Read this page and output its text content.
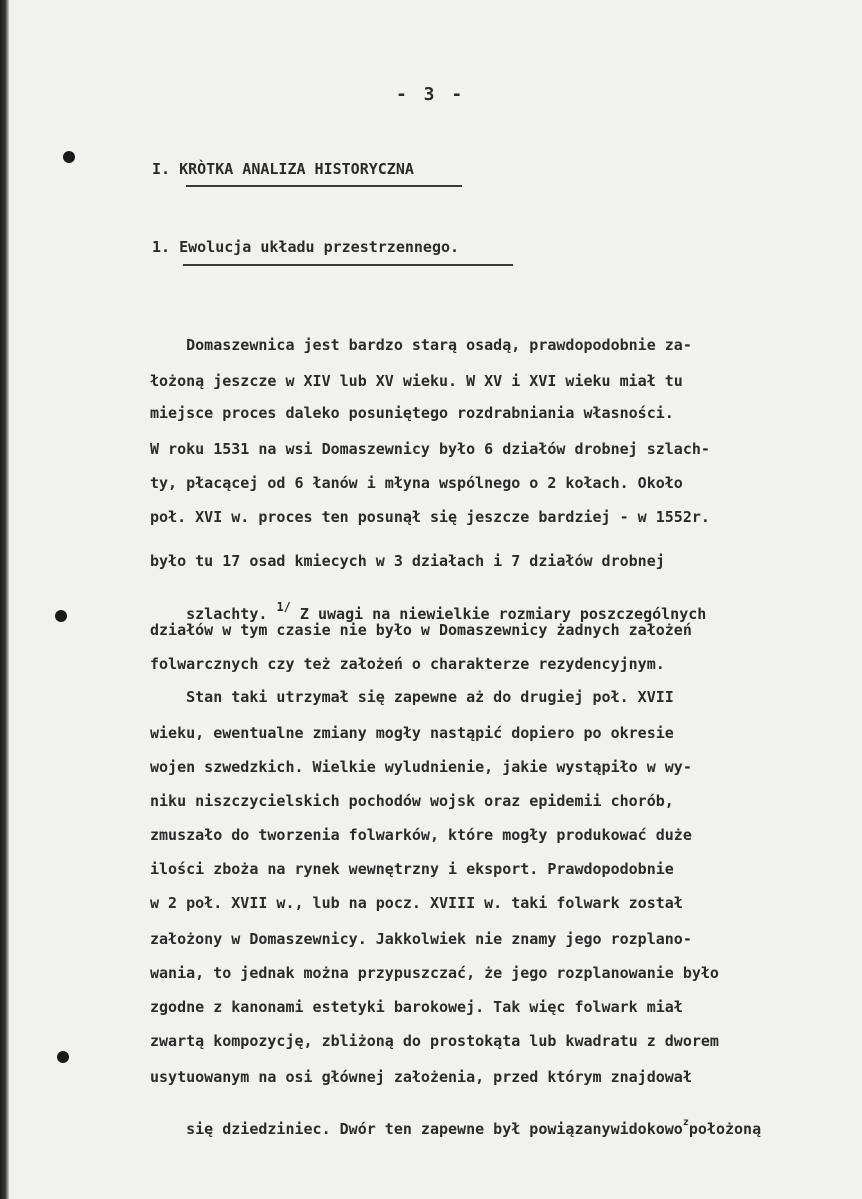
- 3 -
I. KRÒTKA ANALIZA HISTORYCZNA
1. Ewolucja układu przestrzennego.
Domaszewnica jest bardzo starą osadą, prawdopodobnie za-
łożoną jeszcze w XIV lub XV wieku. W XV i XVI wieku miał tu
miejsce proces daleko posuniętego rozdrabniania własności.
W roku 1531 na wsi Domaszewnicy było 6 działów drobnej szlach-
ty, płacącej od 6 łanów i młyna wspólnego o 2 kołach. Około
poł. XVI w. proces ten posunął się jeszcze bardziej - w 1552r.
było tu 17 osad kmiecych w 3 działach i 7 działów drobnej

szlachty. $^{1/}$ Z uwagi na niewielkie rozmiary poszczególnych

działów w tym czasie nie było w Domaszewnicy żadnych założeń
folwarcznych czy też założeń o charakterze rezydencyjnym.
Stan taki utrzymał się zapewne aż do drugiej poł. XVII
wieku, ewentualne zmiany mogły nastąpić dopiero po okresie
wojen szwedzkich. Wielkie wyludnienie, jakie wystąpiło w wy-
niku niszczycielskich pochodów wojsk oraz epidemii chorób,
zmuszało do tworzenia folwarków, które mogły produkować duże
ilości zboża na rynek wewnętrzny i eksport. Prawdopodobnie
w 2 poł. XVII w., lub na pocz. XVIII w. taki folwark został
założony w Domaszewnicy. Jakkolwiek nie znamy jego rozplano-
wania, to jednak można przypuszczać, że jego rozplanowanie było
zgodne z kanonami estetyki barokowej. Tak więc folwark miał
zwartą kompozycję, zbliżoną do prostokąta lub kwadratu z dworem
usytuowanym na osi głównej założenia, przed którym znajdował

się dziedziniec. Dwór ten zapewne był powiązanywidokowo$^z$położoną
